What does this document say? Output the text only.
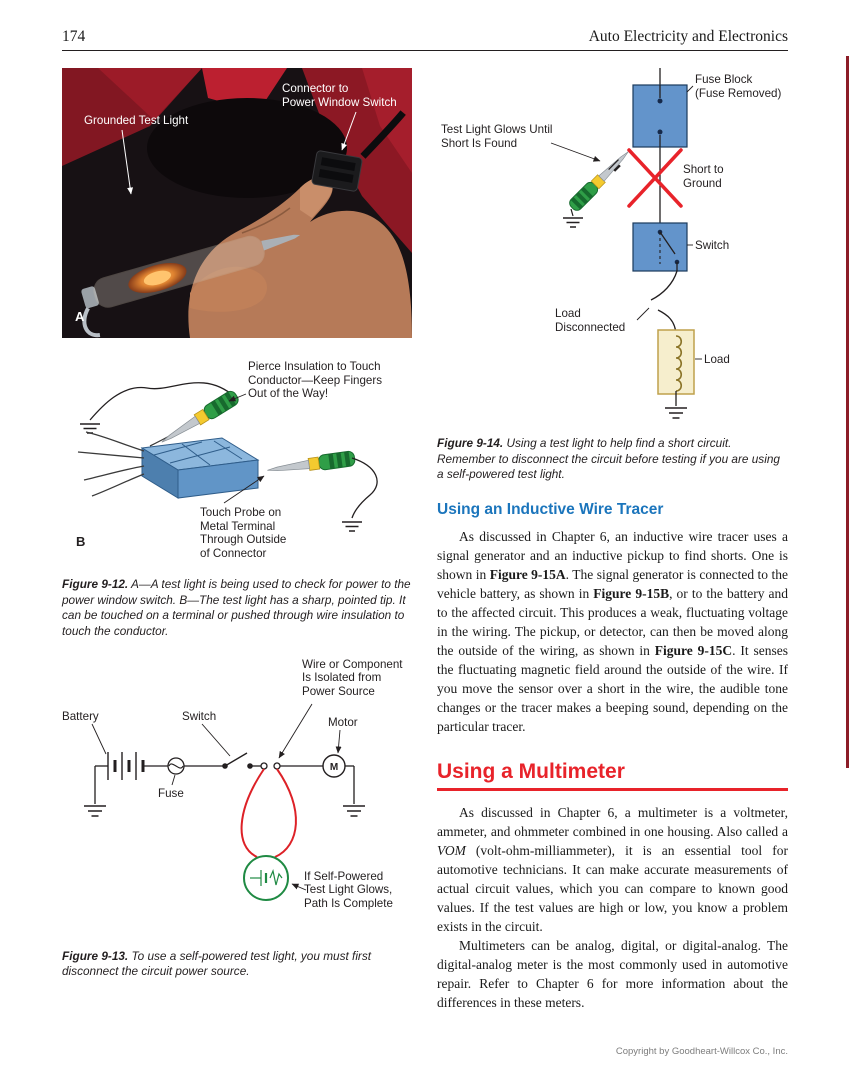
174	Auto Electricity and Electronics
Grounded Test Light
Connector to
Power Window Switch
A
Pierce Insulation to Touch Conductor—Keep Fingers Out of the Way!
Touch Probe on Metal Terminal Through Outside of Connector
B

Figure 9-12. A—A test light is being used to check for power to the power window switch. B—The test light has a sharp, pointed tip. It can be touched on a terminal or pushed through wire insulation to touch the conductor.

M
Wire or Component Is Isolated from Power Source
Battery	Switch	Motor
Fuse
If Self-Powered Test Light Glows, Path Is Complete

Figure 9-13. To use a self-powered test light, you must first disconnect the circuit power source.

Fuse Block
(Fuse Removed)
Test Light Glows Until Short Is Found
Short to Ground
Switch
Load Disconnected
Load

Figure 9-14. Using a test light to help find a short circuit. Remember to disconnect the circuit before testing if you are using a self-powered test light.

Using an Inductive Wire Tracer

As discussed in Chapter 6, an inductive wire tracer uses a signal generator and an inductive pickup to find shorts. One is shown in Figure 9-15A. The signal generator is connected to the vehicle battery, as shown in Figure 9-15B, or to the battery and to the affected circuit. This produces a weak, fluctuating voltage in the wiring. The pickup, or detector, can then be moved along the outside of the wiring, as shown in Figure 9-15C. It senses the fluctuating magnetic field around the outside of the wire. If you move the sensor over a short in the wire, the audible tone changes or the tracer makes a beeping sound, depending on the particular tracer.

Using a Multimeter

As discussed in Chapter 6, a multimeter is a voltmeter, ammeter, and ohmmeter combined in one housing. Also called a VOM (volt-ohm-milliammeter), it is an essential tool for automotive technicians. It can make accurate measurements of actual circuit values, which you can compare to known good values. If the test values are high or low, you know a problem exists in the circuit.

Multimeters can be analog, digital, or digital-analog. The digital-analog meter is the most commonly used in automotive repair. Refer to Chapter 6 for more information about the differences in these meters.

Copyright by Goodheart-Willcox Co., Inc.
